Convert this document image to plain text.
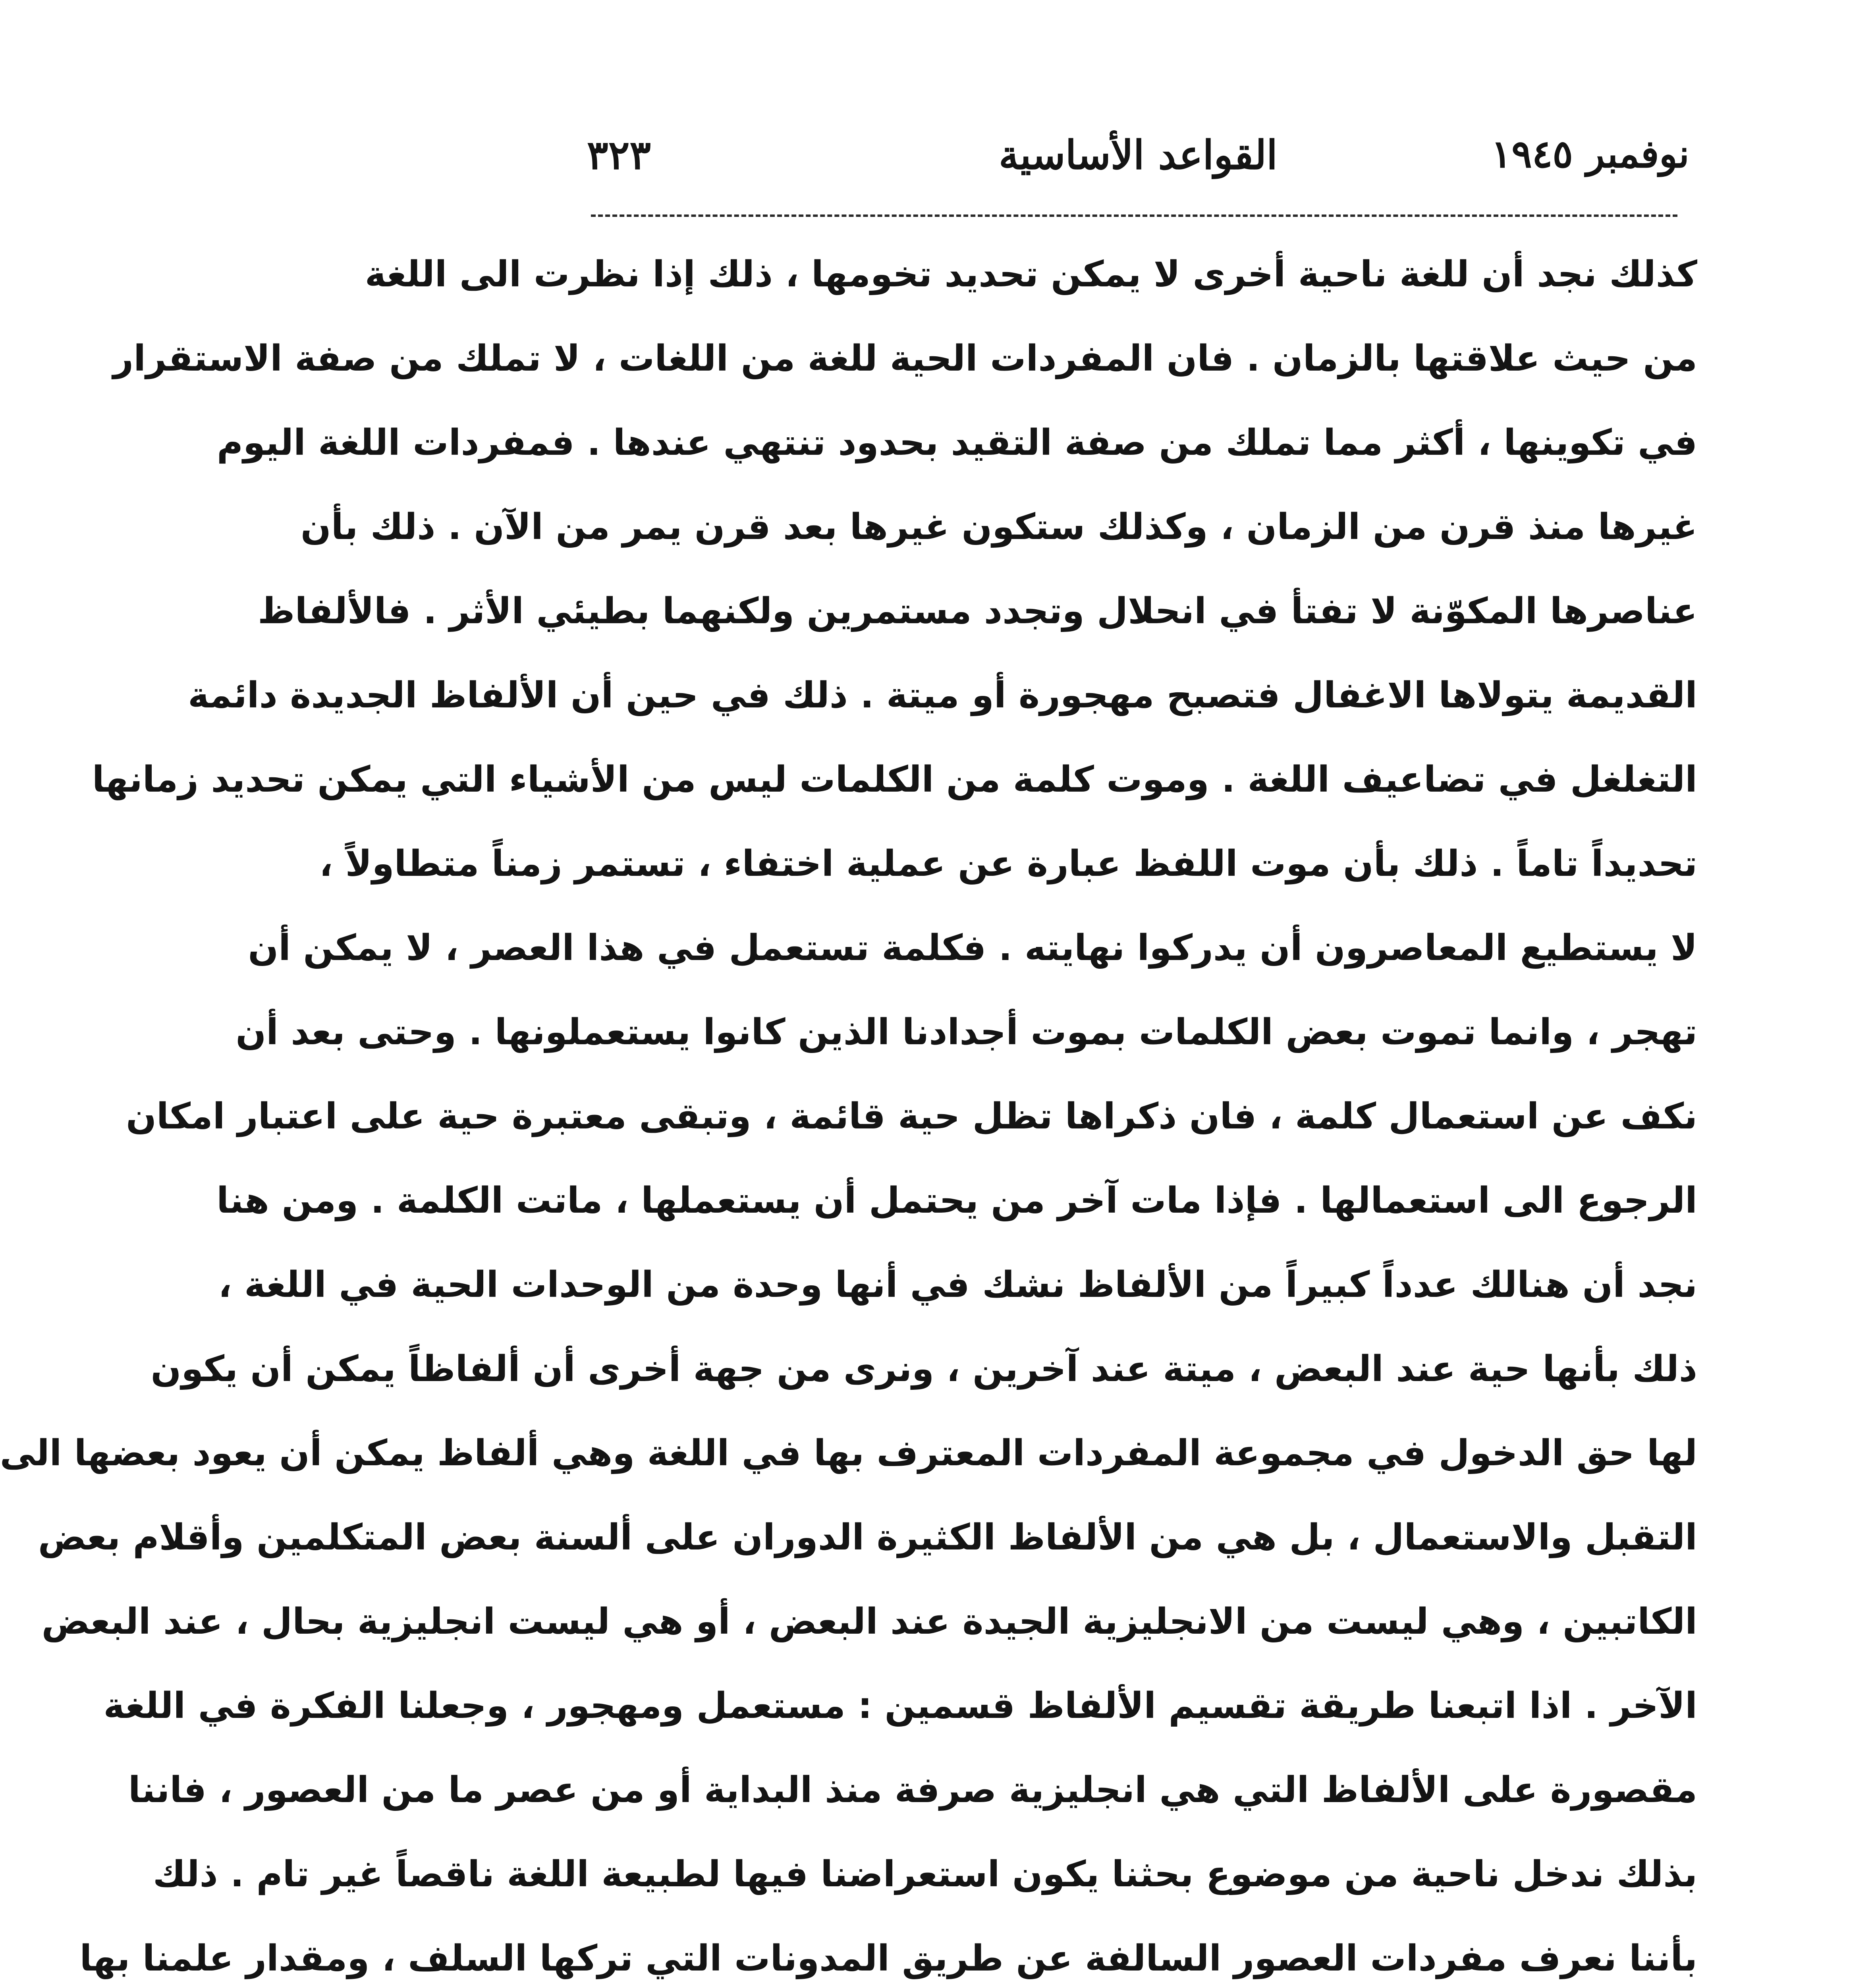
نوفمبر ١٩٤٥
القواعد الأساسية
٣٢٣
كذلك نجد أن للغة ناحية أخرى لا يمكن تحديد تخومها ، ذلك إذا نظرت الى اللغة
من حيث علاقتها بالزمان . فان المفردات الحية للغة من اللغات ، لا تملك من صفة الاستقرار
في تكوينها ، أكثر مما تملك من صفة التقيد بحدود تنتهي عندها . فمفردات اللغة اليوم
غيرها منذ قرن من الزمان ، وكذلك ستكون غيرها بعد قرن يمر من الآن . ذلك بأن
عناصرها المكوّنة لا تفتأ في انحلال وتجدد مستمرين ولكنهما بطيئي الأثر . فالألفاظ
القديمة يتولاها الاغفال فتصبح مهجورة أو ميتة . ذلك في حين أن الألفاظ الجديدة دائمة
التغلغل في تضاعيف اللغة . وموت كلمة من الكلمات ليس من الأشياء التي يمكن تحديد زمانها
تحديداً تاماً . ذلك بأن موت اللفظ عبارة عن عملية اختفاء ، تستمر زمناً متطاولاً ،
لا يستطيع المعاصرون أن يدركوا نهايته . فكلمة تستعمل في هذا العصر ، لا يمكن أن
تهجر ، وانما تموت بعض الكلمات بموت أجدادنا الذين كانوا يستعملونها . وحتى بعد أن
نكف عن استعمال كلمة ، فان ذكراها تظل حية قائمة ، وتبقى معتبرة حية على اعتبار امكان
الرجوع الى استعمالها . فإذا مات آخر من يحتمل أن يستعملها ، ماتت الكلمة . ومن هنا
نجد أن هنالك عدداً كبيراً من الألفاظ نشك في أنها وحدة من الوحدات الحية في اللغة ،
ذلك بأنها حية عند البعض ، ميتة عند آخرين ، ونرى من جهة أخرى أن ألفاظاً يمكن أن يكون
لها حق الدخول في مجموعة المفردات المعترف بها في اللغة وهي ألفاظ يمكن أن يعود بعضها الى
التقبل والاستعمال ، بل هي من الألفاظ الكثيرة الدوران على ألسنة بعض المتكلمين وأقلام بعض
الكاتبين ، وهي ليست من الانجليزية الجيدة عند البعض ، أو هي ليست انجليزية بحال ، عند البعض
الآخر . اذا اتبعنا طريقة تقسيم الألفاظ قسمين : مستعمل ومهجور ، وجعلنا الفكرة في اللغة
مقصورة على الألفاظ التي هي انجليزية صرفة منذ البداية أو من عصر ما من العصور ، فاننا
بذلك ندخل ناحية من موضوع بحثنا يكون استعراضنا فيها لطبيعة اللغة ناقصاً غير تام . ذلك
بأننا نعرف مفردات العصور السالفة عن طريق المدونات التي تركها السلف ، ومقدار علمنا بها
